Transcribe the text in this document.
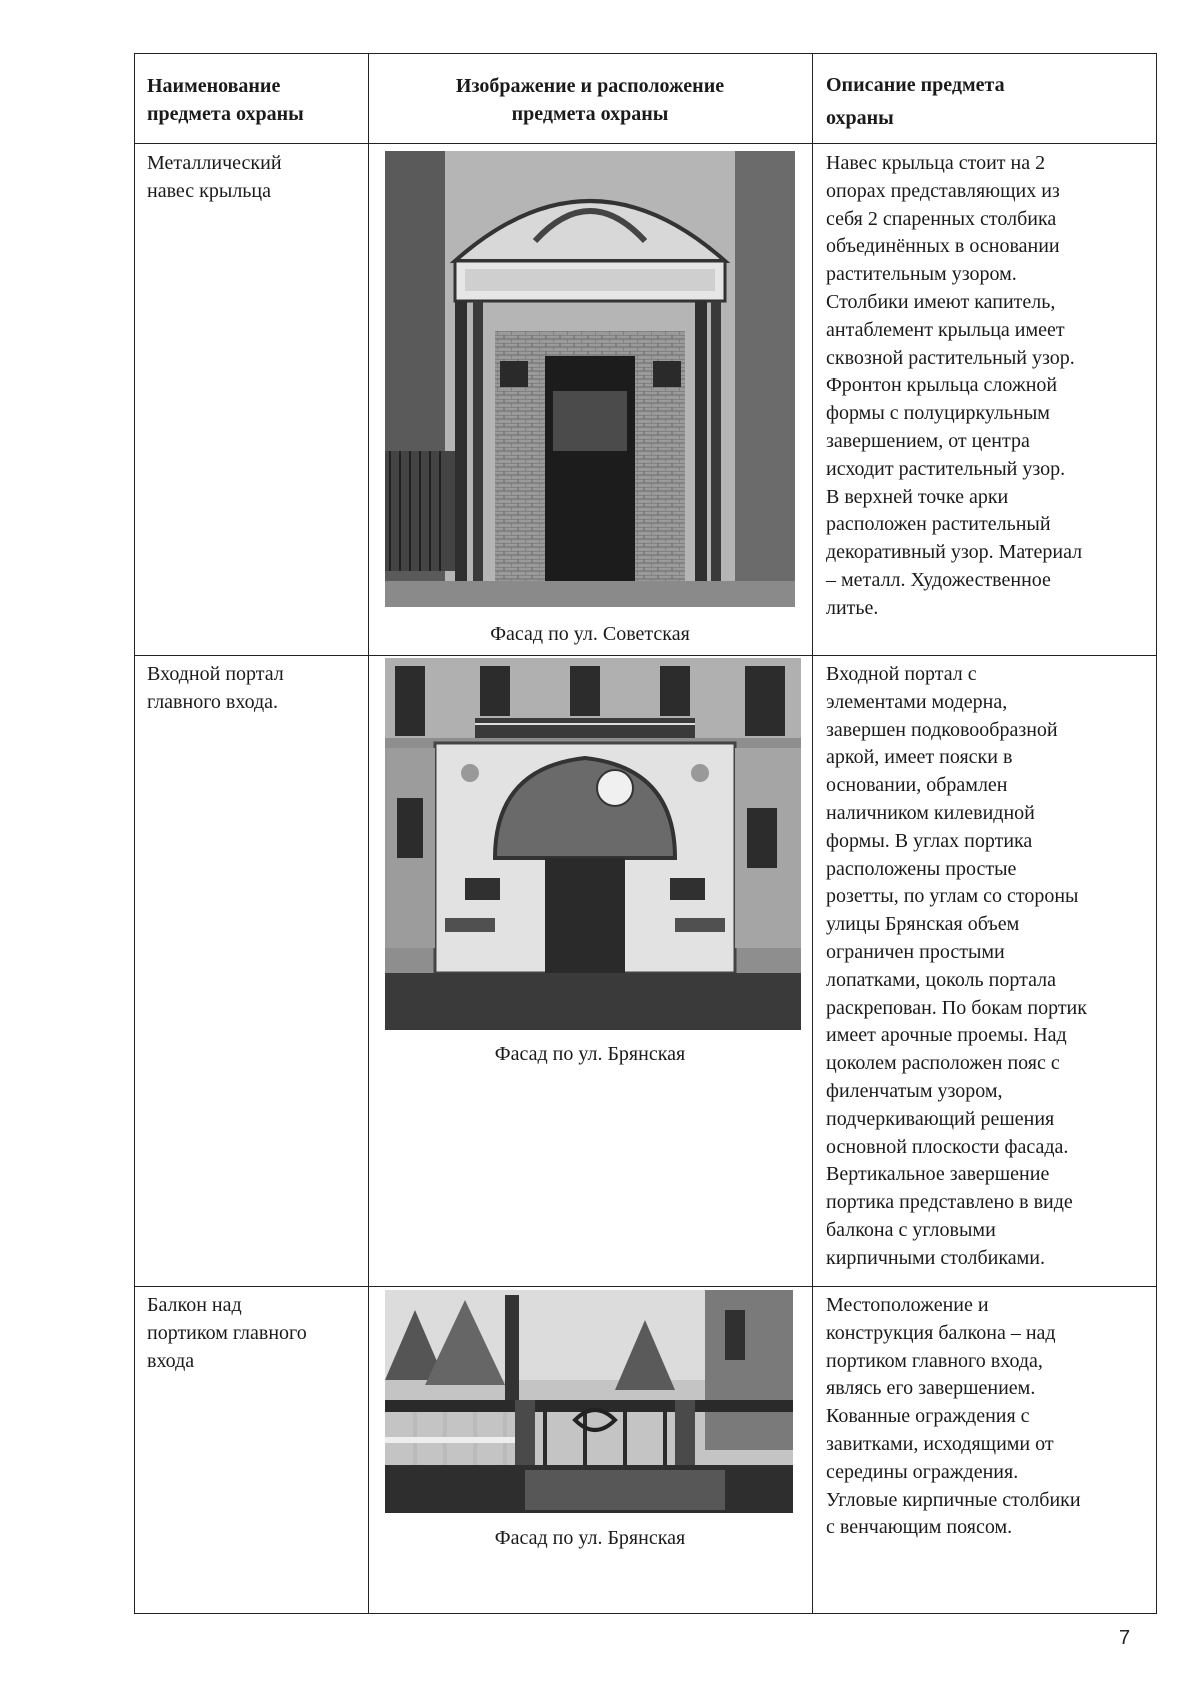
Наименование
предмета охраны
Изображение и расположение
предмета охраны
Описание предмета
охраны
Металлический
навес крыльца
Фасад по ул. Советская
Навес крыльца стоит на 2
опорах представляющих из
себя 2 спаренных столбика
объединённых в основании
растительным узором.
Столбики имеют капитель,
антаблемент крыльца имеет
сквозной растительный узор.
Фронтон крыльца сложной
формы с полуциркульным
завершением, от центра
исходит растительный узор.
В верхней точке арки
расположен растительный
декоративный узор. Материал
– металл. Художественное
литье.
Входной портал
главного входа.
Фасад по ул. Брянская
Входной портал с
элементами модерна,
завершен подковообразной
аркой, имеет пояски в
основании, обрамлен
наличником килевидной
формы. В углах портика
расположены простые
розетты, по углам со стороны
улицы Брянская объем
ограничен простыми
лопатками, цоколь портала
раскрепован. По бокам портик
имеет арочные проемы. Над
цоколем расположен пояс с
филенчатым узором,
подчеркивающий решения
основной плоскости фасада.
Вертикальное завершение
портика представлено в виде
балкона с угловыми
кирпичными столбиками.
Балкон над
портиком главного
входа
Фасад по ул. Брянская
Местоположение и
конструкция балкона – над
портиком главного входа,
являсь его завершением.
Кованные ограждения с
завитками, исходящими от
середины ограждения.
Угловые кирпичные столбики
с венчающим поясом.
7
